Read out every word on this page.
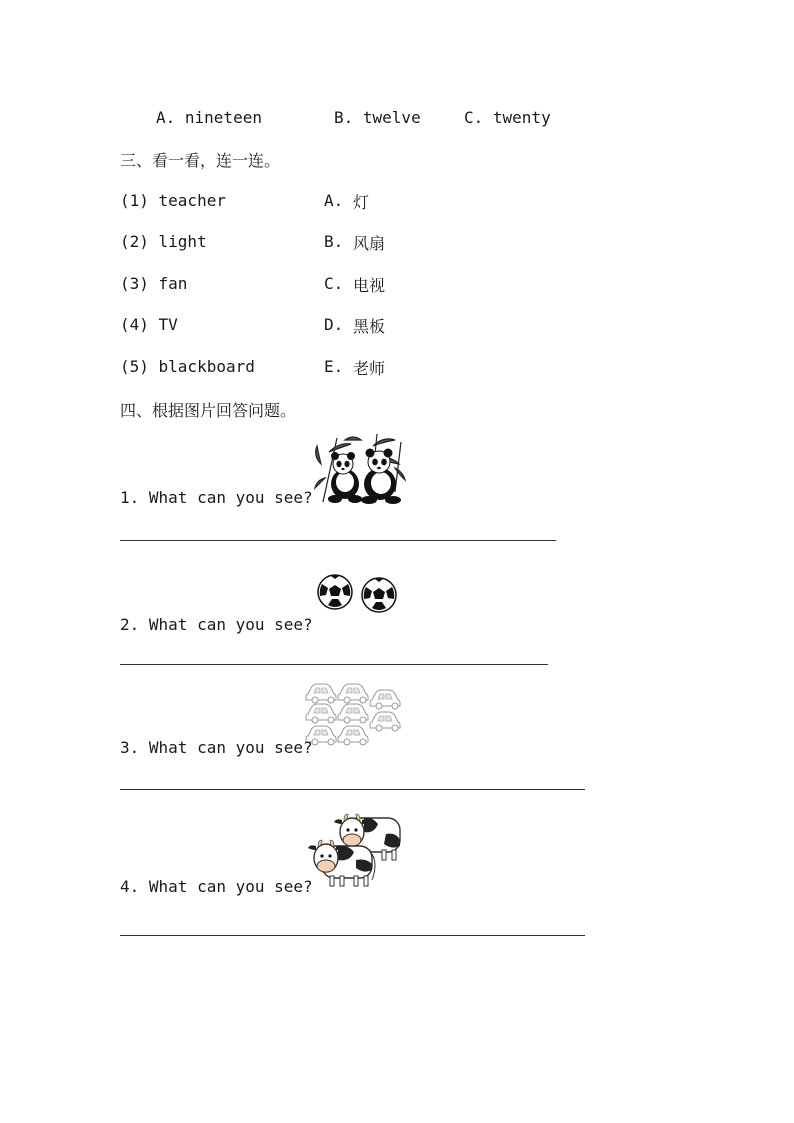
A. nineteen	B. twelve	C. twenty
三、看一看，连一连。
(1) teacher
(2) light
(3) fan
(4) TV
(5) blackboard
A. 灯
B. 风扇
C. 电视
D. 黑板
E. 老师
四、根据图片回答问题。
1. What can you see?
2. What can you see?
3. What can you see?
4. What can you see?
